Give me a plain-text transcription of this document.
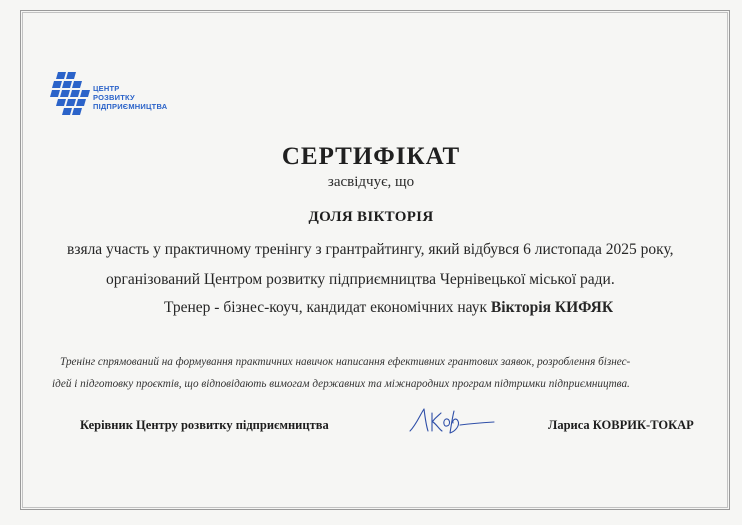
ЦЕНТР
РОЗВИТКУ
ПІДПРИЄМНИЦТВА
СЕРТИФІКАТ
засвідчує, що
ДОЛЯ ВІКТОРІЯ
взяла участь у практичному тренінгу з грантрайтингу, який відбувся 6 листопада 2025 року,
організований Центром розвитку підприємництва Чернівецької міської ради.
Тренер - бізнес-коуч, кандидат економічних наук Вікторія КИФЯК
Тренінг спрямований на формування практичних навичок написання ефективних грантових заявок, розроблення бізнес-
ідей і підготовку проєктів, що відповідають вимогам державних та міжнародних програм підтримки підприємництва.
Керівник Центру розвитку підприємництва	Лариса КОВРИК-ТОКАР
